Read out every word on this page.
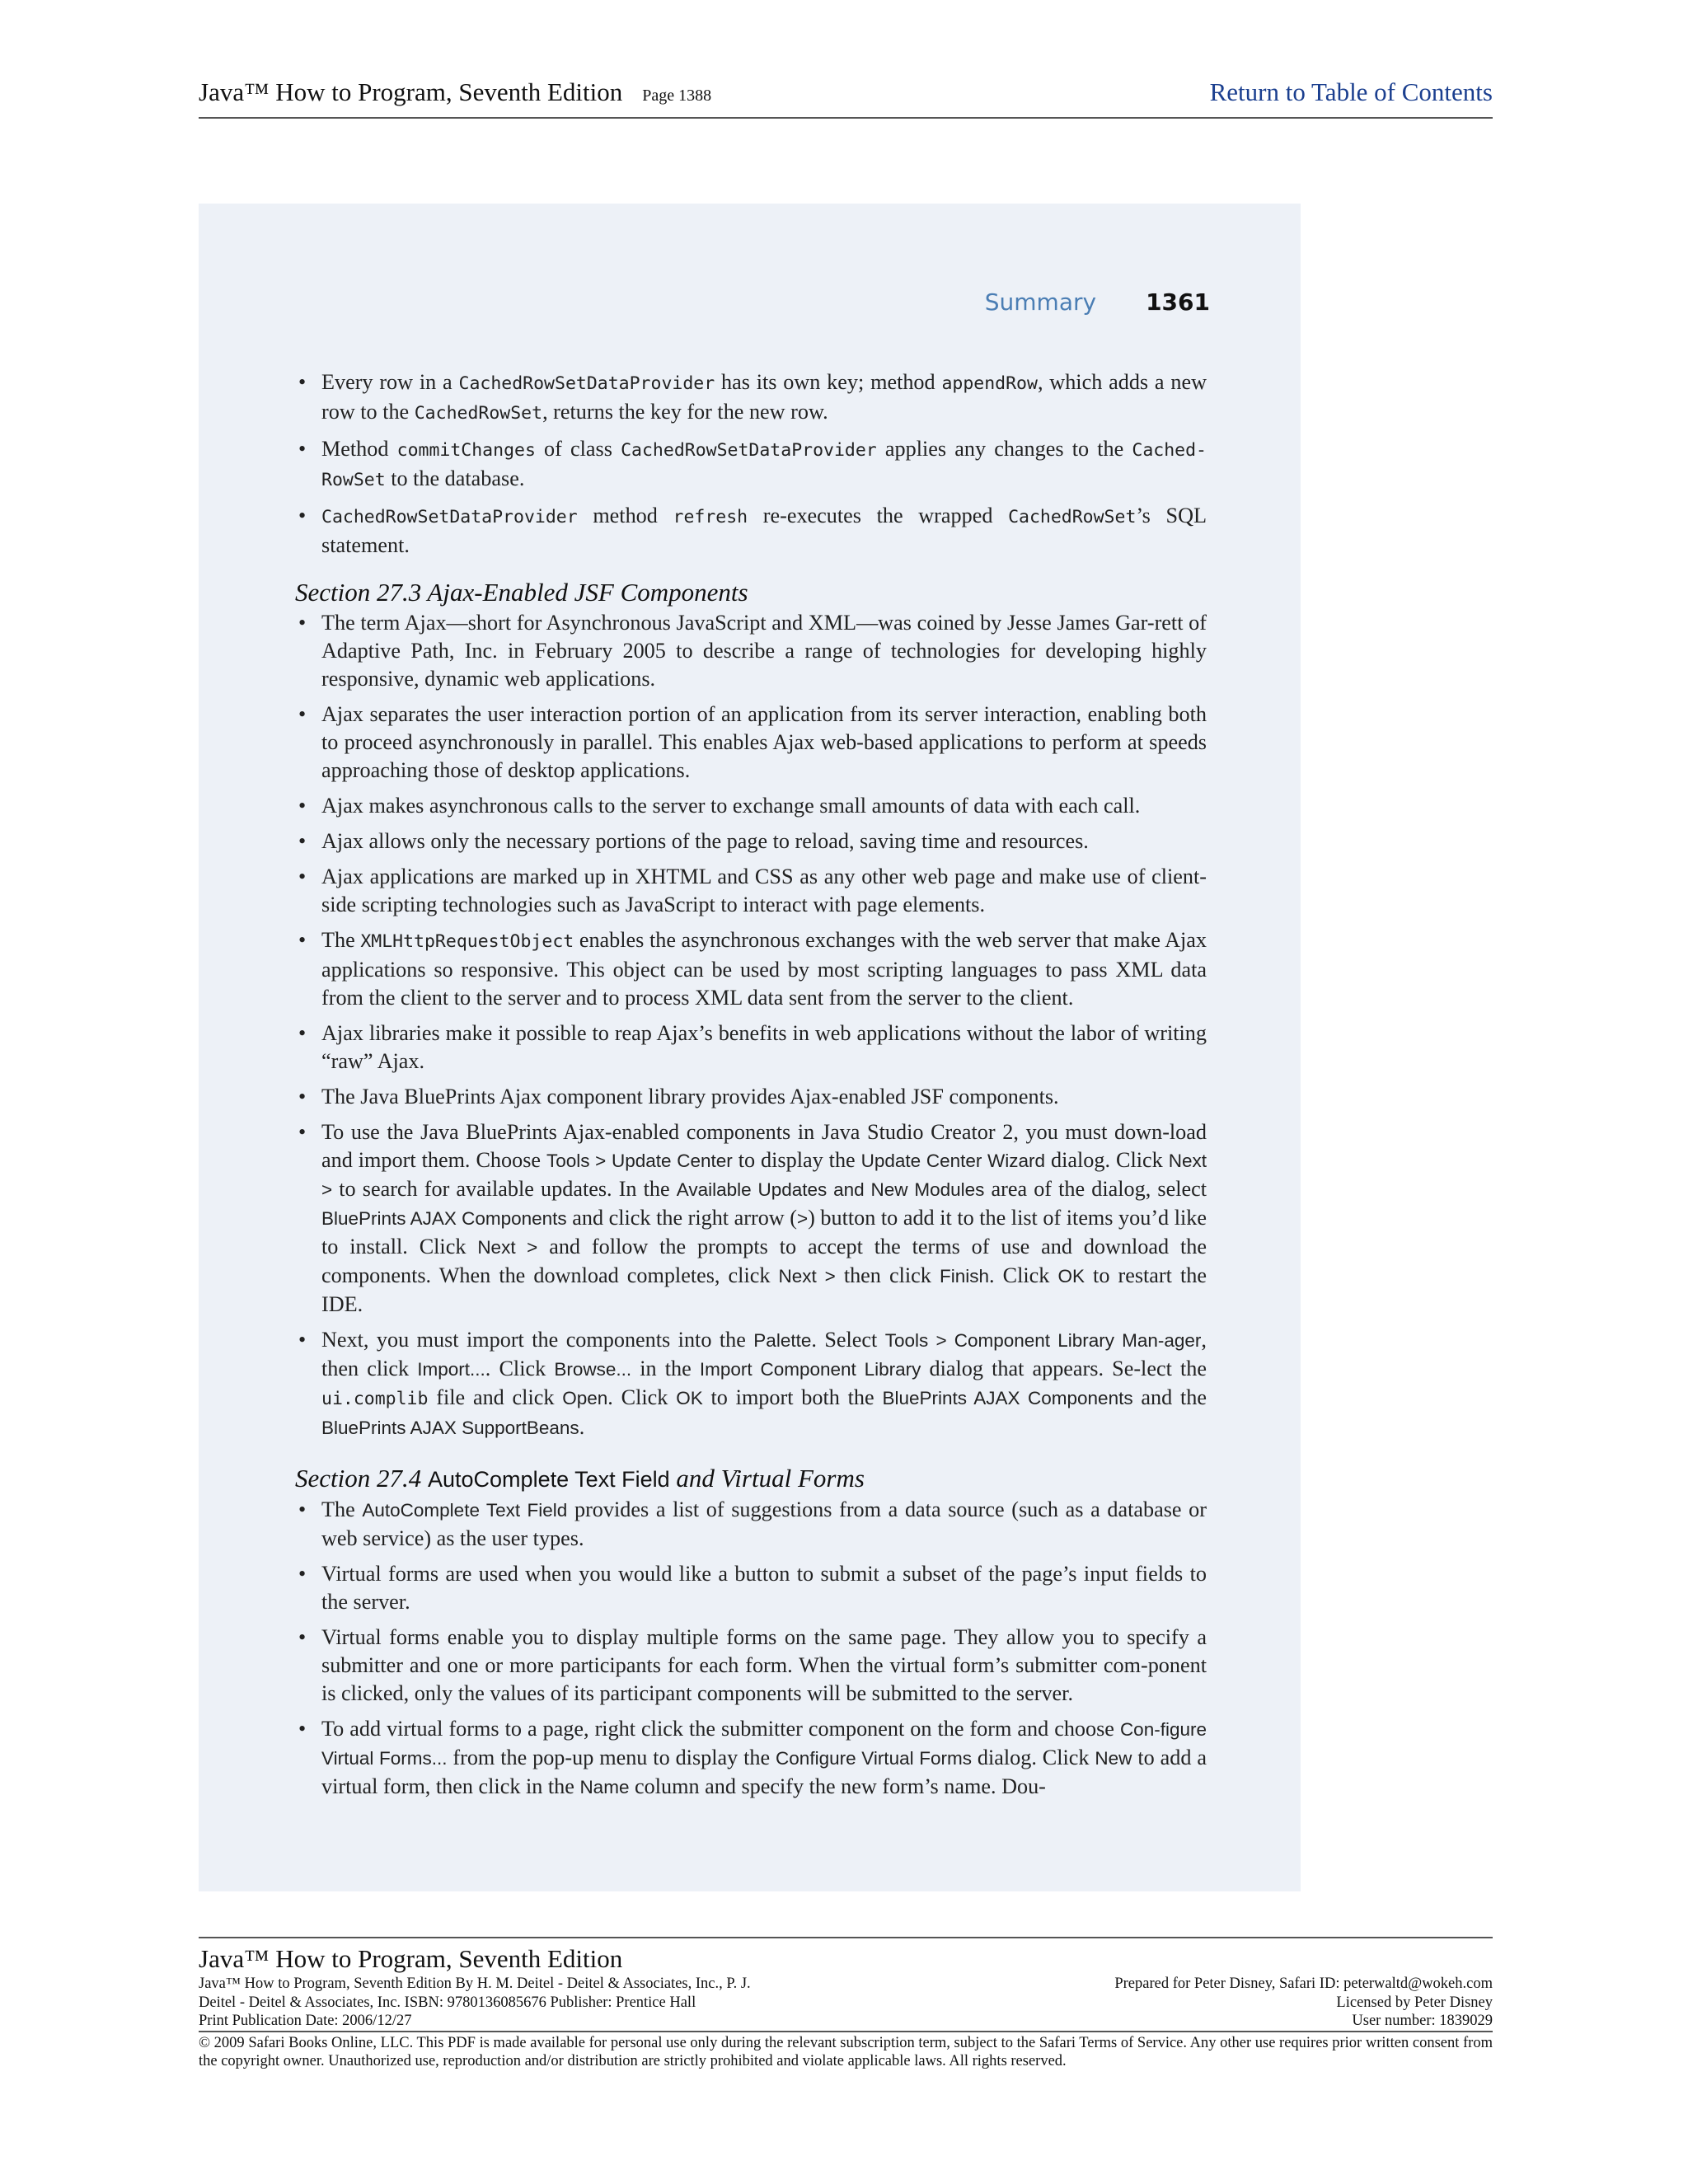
Java™ How to Program, Seventh Edition Page 1388	Return to Table of Contents
Summary 1361
• Every row in a CachedRowSetDataProvider has its own key; method appendRow, which adds a new row to the CachedRowSet, returns the key for the new row.
• Method commitChanges of class CachedRowSetDataProvider applies any changes to the Cached-RowSet to the database.
• CachedRowSetDataProvider method refresh re-executes the wrapped CachedRowSet’s SQL statement.
Section 27.3 Ajax-Enabled JSF Components
• The term Ajax—short for Asynchronous JavaScript and XML—was coined by Jesse James Gar-rett of Adaptive Path, Inc. in February 2005 to describe a range of technologies for developing highly responsive, dynamic web applications.
• Ajax separates the user interaction portion of an application from its server interaction, enabling both to proceed asynchronously in parallel. This enables Ajax web-based applications to perform at speeds approaching those of desktop applications.
• Ajax makes asynchronous calls to the server to exchange small amounts of data with each call.
• Ajax allows only the necessary portions of the page to reload, saving time and resources.
• Ajax applications are marked up in XHTML and CSS as any other web page and make use of client-side scripting technologies such as JavaScript to interact with page elements.
• The XMLHttpRequestObject enables the asynchronous exchanges with the web server that make Ajax applications so responsive. This object can be used by most scripting languages to pass XML data from the client to the server and to process XML data sent from the server to the client.
• Ajax libraries make it possible to reap Ajax’s benefits in web applications without the labor of writing “raw” Ajax.
• The Java BluePrints Ajax component library provides Ajax-enabled JSF components.
• To use the Java BluePrints Ajax-enabled components in Java Studio Creator 2, you must down-load and import them. Choose Tools > Update Center to display the Update Center Wizard dialog. Click Next > to search for available updates. In the Available Updates and New Modules area of the dialog, select BluePrints AJAX Components and click the right arrow (>) button to add it to the list of items you’d like to install. Click Next > and follow the prompts to accept the terms of use and download the components. When the download completes, click Next > then click Finish. Click OK to restart the IDE.
• Next, you must import the components into the Palette. Select Tools > Component Library Man-ager, then click Import.... Click Browse... in the Import Component Library dialog that appears. Se-lect the ui.complib file and click Open. Click OK to import both the BluePrints AJAX Components and the BluePrints AJAX SupportBeans.
Section 27.4 AutoComplete Text Field and Virtual Forms
• The AutoComplete Text Field provides a list of suggestions from a data source (such as a database or web service) as the user types.
• Virtual forms are used when you would like a button to submit a subset of the page’s input fields to the server.
• Virtual forms enable you to display multiple forms on the same page. They allow you to specify a submitter and one or more participants for each form. When the virtual form’s submitter com-ponent is clicked, only the values of its participant components will be submitted to the server.
• To add virtual forms to a page, right click the submitter component on the form and choose Con-figure Virtual Forms... from the pop-up menu to display the Configure Virtual Forms dialog. Click New to add a virtual form, then click in the Name column and specify the new form’s name. Dou-
Java™ How to Program, Seventh Edition
Java™ How to Program, Seventh Edition By H. M. Deitel - Deitel & Associates, Inc., P. J.
Deitel - Deitel & Associates, Inc. ISBN: 9780136085676 Publisher: Prentice Hall
Print Publication Date: 2006/12/27
Prepared for Peter Disney, Safari ID: peterwaltd@wokeh.com
Licensed by Peter Disney
User number: 1839029
© 2009 Safari Books Online, LLC. This PDF is made available for personal use only during the relevant subscription term, subject to the Safari Terms of Service. Any other use requires prior written consent from the copyright owner. Unauthorized use, reproduction and/or distribution are strictly prohibited and violate applicable laws. All rights reserved.
